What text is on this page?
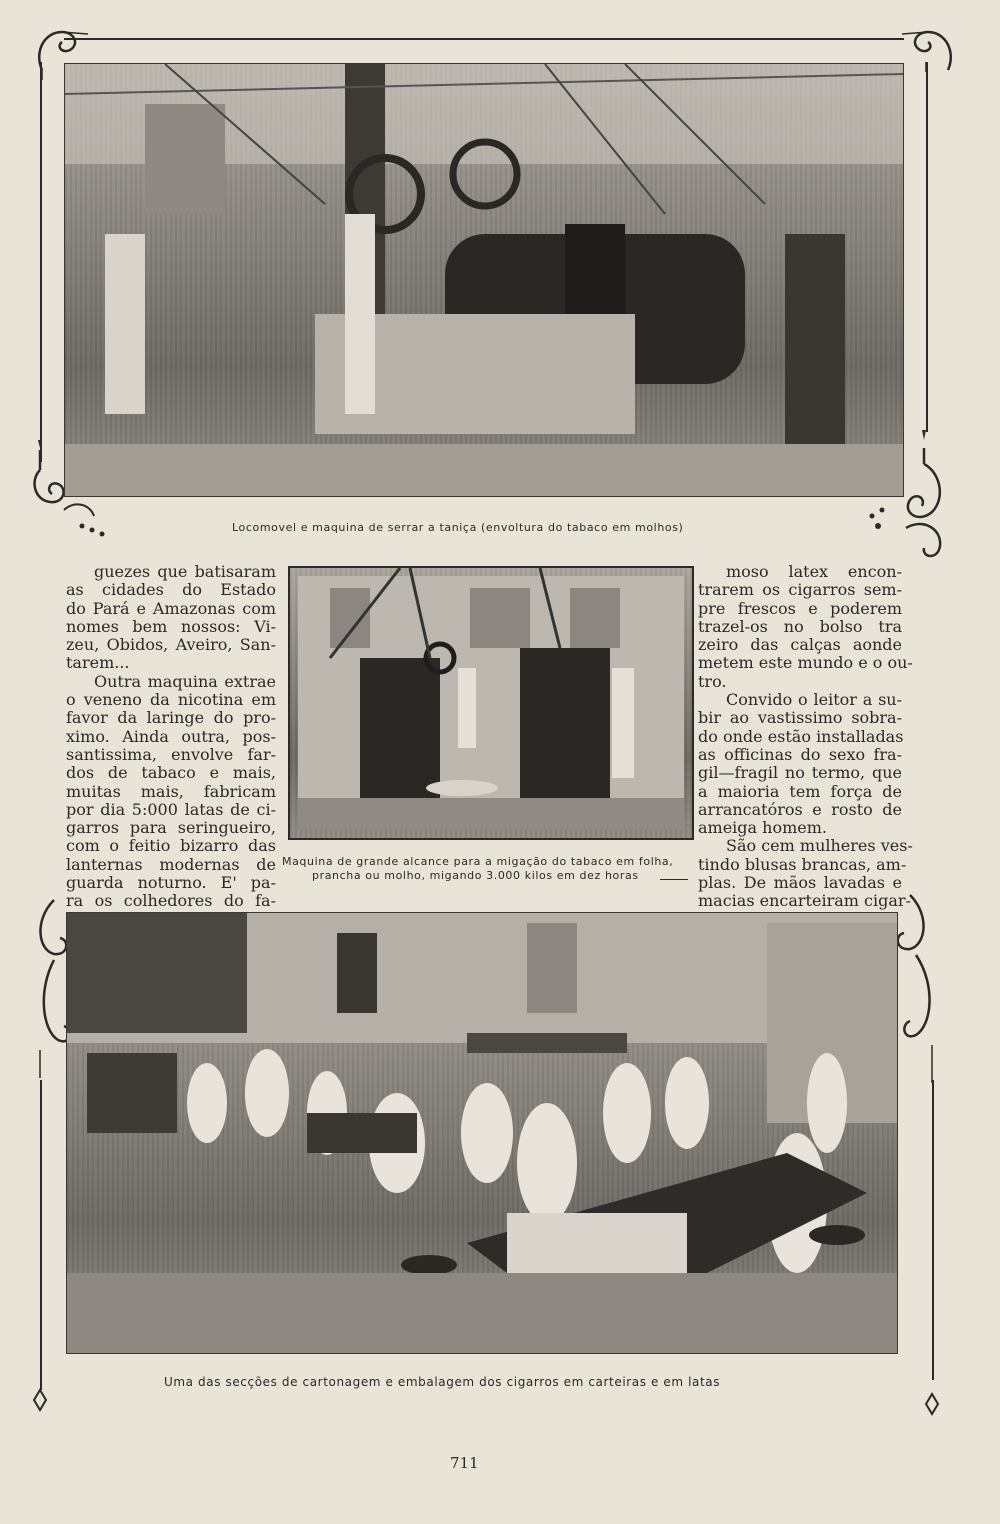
Locomovel e maquina de serrar a taniça (envoltura do tabaco em molhos)
Maquina de grande alcance para a migação do tabaco em folha,
prancha ou molho, migando 3.000 kilos em dez horas
guezes que batisaram
as cidades do Estado
do Pará e Amazonas com
nomes bem nossos: Vi-
zeu, Obidos, Aveiro, San-
tarem...
Outra maquina extrae
o veneno da nicotina em
favor da laringe do pro-
ximo. Ainda outra, pos-
santissima, envolve far-
dos de tabaco e mais,
muitas mais, fabricam
por dia 5:000 latas de ci-
garros para seringueiro,
com o feitio bizarro das
lanternas modernas de
guarda noturno. E' pa-
ra os colhedores do fa-
moso latex encon-
trarem os cigarros sem-
pre frescos e poderem
trazel-os no bolso tra
zeiro das calças aonde
metem este mundo e o ou-
tro.
Convido o leitor a su-
bir ao vastissimo sobra-
do onde estão installadas
as officinas do sexo fra-
gil—fragil no termo, que
a maioria tem força de
arrancatóros e rosto de
ameiga homem.
São cem mulheres ves-
tindo blusas brancas, am-
plas. De mãos lavadas e
macias encarteiram cigar-
Uma das secções de cartonagem e embalagem dos cigarros em carteiras e em latas
711
